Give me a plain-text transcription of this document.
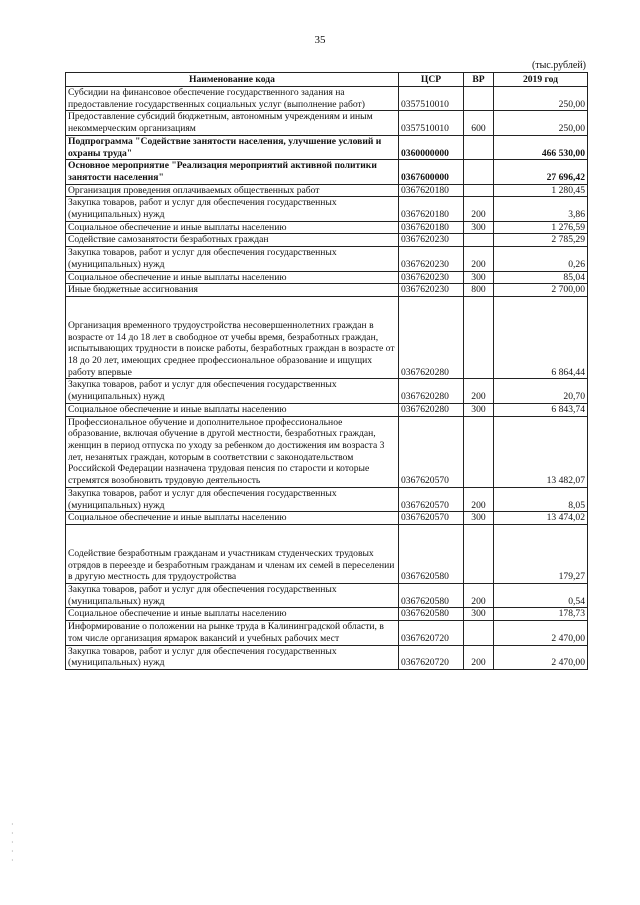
35
(тыс.рублей)
Наименование кода	ЦСР	ВР	2019 год
Субсидии на финансовое обеспечение государственного задания на предоставление государственных социальных услуг (выполнение работ)	0357510010		250,00
Предоставление субсидий бюджетным, автономным учреждениям и иным некоммерческим организациям	0357510010	600	250,00
Подпрограмма "Содействие занятости населения, улучшение условий и охраны труда"	0360000000		466 530,00
Основное мероприятие "Реализация мероприятий активной политики занятости населения"	0367600000		27 696,42
Организация проведения оплачиваемых общественных работ	0367620180		1 280,45
Закупка товаров, работ и услуг для обеспечения государственных (муниципальных) нужд	0367620180	200	3,86
Социальное обеспечение и иные выплаты населению	0367620180	300	1 276,59
Содействие самозанятости безработных граждан	0367620230		2 785,29
Закупка товаров, работ и услуг для обеспечения государственных (муниципальных) нужд	0367620230	200	0,26
Социальное обеспечение и иные выплаты населению	0367620230	300	85,04
Иные бюджетные ассигнования	0367620230	800	2 700,00

Организация временного трудоустройства несовершеннолетних граждан в возрасте от 14 до 18 лет в свободное от учебы время, безработных граждан, испытывающих трудности в поиске работы, безработных граждан в возрасте от 18 до 20 лет, имеющих среднее профессиональное образование и ищущих работу впервые	0367620280		6 864,44
Закупка товаров, работ и услуг для обеспечения государственных (муниципальных) нужд	0367620280	200	20,70
Социальное обеспечение и иные выплаты населению	0367620280	300	6 843,74
Профессиональное обучение и дополнительное профессиональное образование, включая обучение в другой местности, безработных граждан, женщин в период отпуска по уходу за ребенком до достижения им возраста 3 лет, незанятых граждан, которым в соответствии с законодательством Российской Федерации назначена трудовая пенсия по старости и которые стремятся возобновить трудовую деятельность	0367620570		13 482,07
Закупка товаров, работ и услуг для обеспечения государственных (муниципальных) нужд	0367620570	200	8,05
Социальное обеспечение и иные выплаты населению	0367620570	300	13 474,02

Содействие безработным гражданам и участникам студенческих трудовых отрядов в переезде и безработным гражданам и членам их семей в переселении в другую местность для трудоустройства	0367620580		179,27
Закупка товаров, работ и услуг для обеспечения государственных (муниципальных) нужд	0367620580	200	0,54
Социальное обеспечение и иные выплаты населению	0367620580	300	178,73
Информирование о положении на рынке труда в Калининградской области, в том числе организация ярмарок вакансий и учебных рабочих мест	0367620720		2 470,00
Закупка товаров, работ и услуг для обеспечения государственных (муниципальных) нужд	0367620720	200	2 470,00
·
·
·
·
·
